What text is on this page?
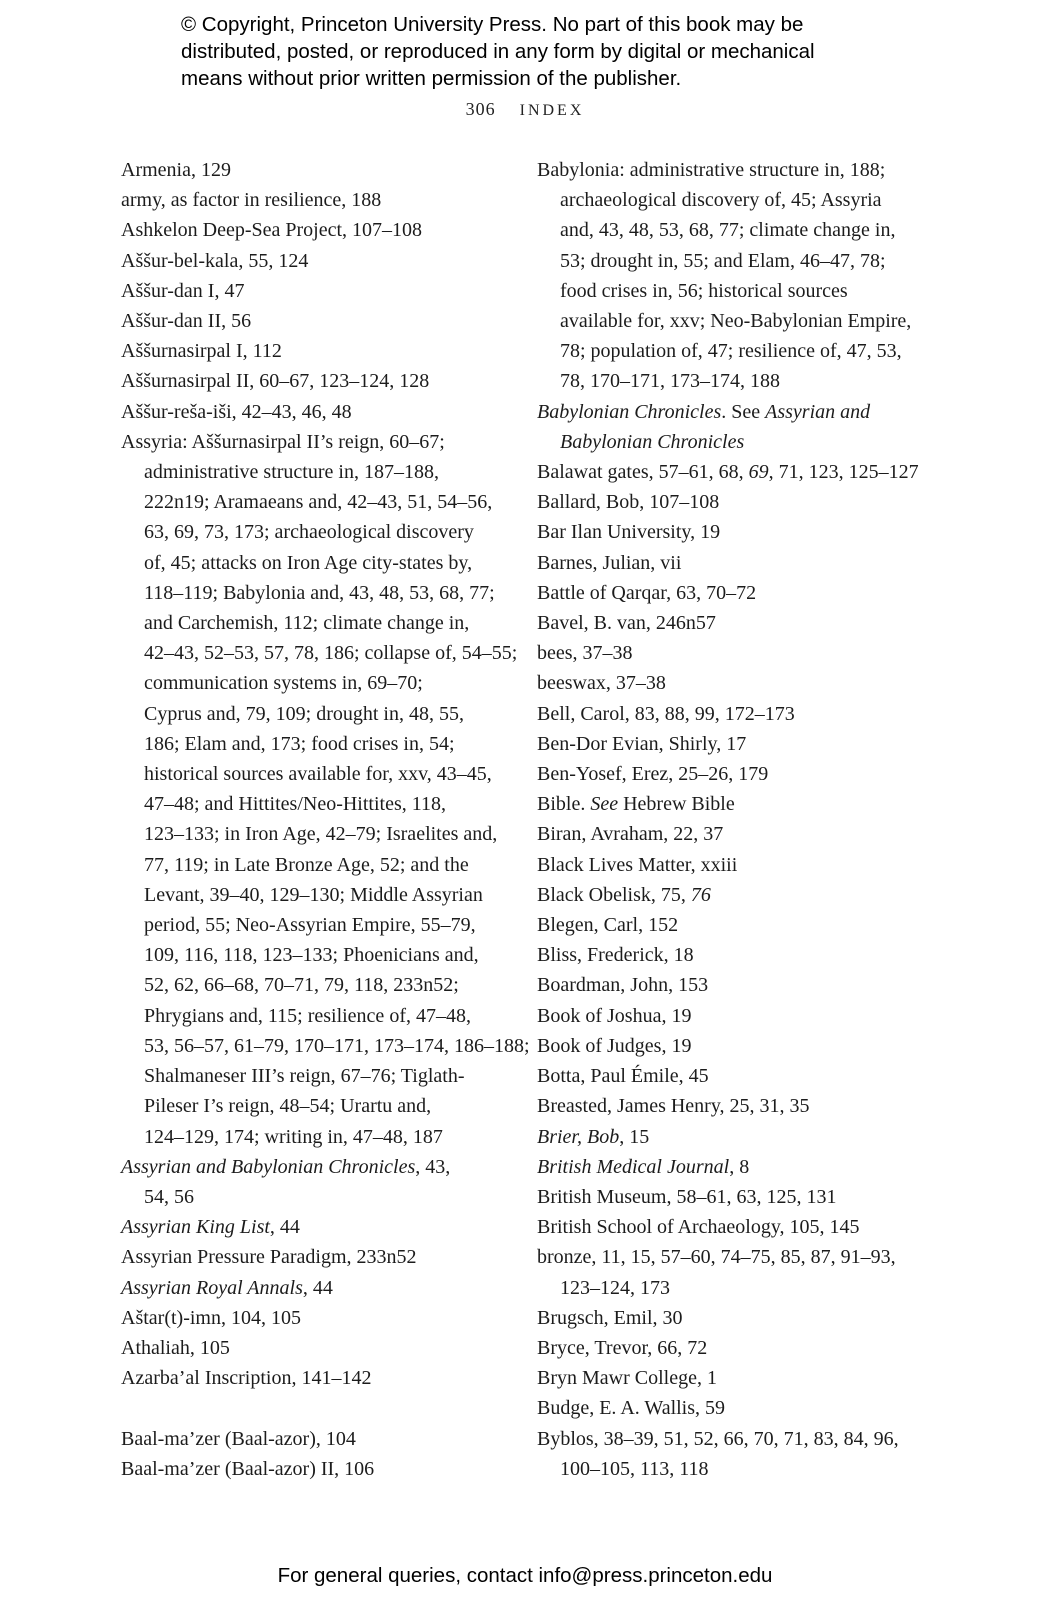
© Copyright, Princeton University Press. No part of this book may be
distributed, posted, or reproduced in any form by digital or mechanical
means without prior written permission of the publisher.
306 INDEX
Armenia, 129
army, as factor in resilience, 188
Ashkelon Deep-Sea Project, 107–108
Aššur-bel-kala, 55, 124
Aššur-dan I, 47
Aššur-dan II, 56
Aššurnasirpal I, 112
Aššurnasirpal II, 60–67, 123–124, 128
Aššur-reša-iši, 42–43, 46, 48
Assyria: Aššurnasirpal II’s reign, 60–67;
administrative structure in, 187–188,
222n19; Aramaeans and, 42–43, 51, 54–56,
63, 69, 73, 173; archaeological discovery
of, 45; attacks on Iron Age city-states by,
118–119; Babylonia and, 43, 48, 53, 68, 77;
and Carchemish, 112; climate change in,
42–43, 52–53, 57, 78, 186; collapse of, 54–55;
communication systems in, 69–70;
Cyprus and, 79, 109; drought in, 48, 55,
186; Elam and, 173; food crises in, 54;
historical sources available for, xxv, 43–45,
47–48; and Hittites/Neo-Hittites, 118,
123–133; in Iron Age, 42–79; Israelites and,
77, 119; in Late Bronze Age, 52; and the
Levant, 39–40, 129–130; Middle Assyrian
period, 55; Neo-Assyrian Empire, 55–79,
109, 116, 118, 123–133; Phoenicians and,
52, 62, 66–68, 70–71, 79, 118, 233n52;
Phrygians and, 115; resilience of, 47–48,
53, 56–57, 61–79, 170–171, 173–174, 186–188;
Shalmaneser III’s reign, 67–76; Tiglath-
Pileser I’s reign, 48–54; Urartu and,
124–129, 174; writing in, 47–48, 187
Assyrian and Babylonian Chronicles, 43,
54, 56
Assyrian King List, 44
Assyrian Pressure Paradigm, 233n52
Assyrian Royal Annals, 44
Aštar(t)-imn, 104, 105
Athaliah, 105
Azarba’al Inscription, 141–142
Baal-ma’zer (Baal-azor), 104
Baal-ma’zer (Baal-azor) II, 106
Babylonia: administrative structure in, 188;
archaeological discovery of, 45; Assyria
and, 43, 48, 53, 68, 77; climate change in,
53; drought in, 55; and Elam, 46–47, 78;
food crises in, 56; historical sources
available for, xxv; Neo-Babylonian Empire,
78; population of, 47; resilience of, 47, 53,
78, 170–171, 173–174, 188
Babylonian Chronicles. See Assyrian and
Babylonian Chronicles
Balawat gates, 57–61, 68, 69, 71, 123, 125–127
Ballard, Bob, 107–108
Bar Ilan University, 19
Barnes, Julian, vii
Battle of Qarqar, 63, 70–72
Bavel, B. van, 246n57
bees, 37–38
beeswax, 37–38
Bell, Carol, 83, 88, 99, 172–173
Ben-Dor Evian, Shirly, 17
Ben-Yosef, Erez, 25–26, 179
Bible. See Hebrew Bible
Biran, Avraham, 22, 37
Black Lives Matter, xxiii
Black Obelisk, 75, 76
Blegen, Carl, 152
Bliss, Frederick, 18
Boardman, John, 153
Book of Joshua, 19
Book of Judges, 19
Botta, Paul Émile, 45
Breasted, James Henry, 25, 31, 35
Brier, Bob, 15
British Medical Journal, 8
British Museum, 58–61, 63, 125, 131
British School of Archaeology, 105, 145
bronze, 11, 15, 57–60, 74–75, 85, 87, 91–93,
123–124, 173
Brugsch, Emil, 30
Bryce, Trevor, 66, 72
Bryn Mawr College, 1
Budge, E. A. Wallis, 59
Byblos, 38–39, 51, 52, 66, 70, 71, 83, 84, 96,
100–105, 113, 118
For general queries, contact info@press.princeton.edu
